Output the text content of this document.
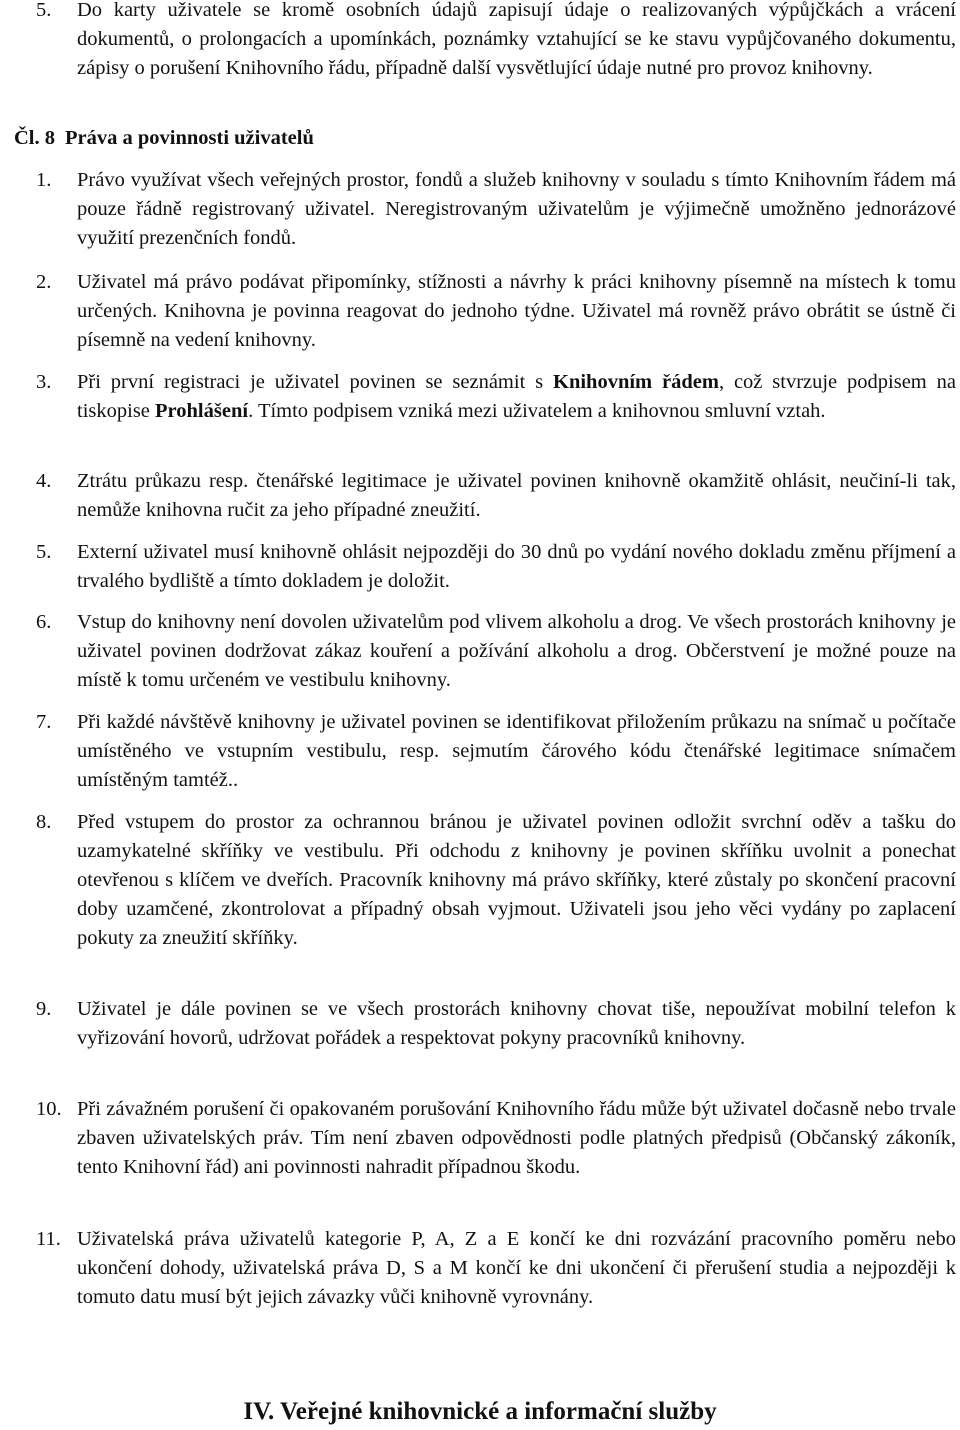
5. Do karty uživatele se kromě osobních údajů zapisují údaje o realizovaných výpůjčkách a vrácení dokumentů, o prolongacích a upomínkách, poznámky vztahující se ke stavu vypůjčovaného dokumentu, zápisy o porušení Knihovního řádu, případně další vysvětlující údaje nutné pro provoz knihovny.
Čl. 8 Práva a povinnosti uživatelů
1. Právo využívat všech veřejných prostor, fondů a služeb knihovny v souladu s tímto Knihovním řádem má pouze řádně registrovaný uživatel. Neregistrovaným uživatelům je výjimečně umožněno jednorázové využití prezenčních fondů.
2. Uživatel má právo podávat připomínky, stížnosti a návrhy k práci knihovny písemně na místech k tomu určených. Knihovna je povinna reagovat do jednoho týdne. Uživatel má rovněž právo obrátit se ústně či písemně na vedení knihovny.
3. Při první registraci je uživatel povinen se seznámit s Knihovním řádem, což stvrzuje podpisem na tiskopise Prohlášení. Tímto podpisem vzniká mezi uživatelem a knihovnou smluvní vztah.
4. Ztrátu průkazu resp. čtenářské legitimace je uživatel povinen knihovně okamžitě ohlásit, neučiní-li tak, nemůže knihovna ručit za jeho případné zneužití.
5. Externí uživatel musí knihovně ohlásit nejpozději do 30 dnů po vydání nového dokladu změnu příjmení a trvalého bydliště a tímto dokladem je doložit.
6. Vstup do knihovny není dovolen uživatelům pod vlivem alkoholu a drog. Ve všech prostorách knihovny je uživatel povinen dodržovat zákaz kouření a požívání alkoholu a drog. Občerstvení je možné pouze na místě k tomu určeném ve vestibulu knihovny.
7. Při každé návštěvě knihovny je uživatel povinen se identifikovat přiložením průkazu na snímač u počítače umístěného ve vstupním vestibulu, resp. sejmutím čárového kódu čtenářské legitimace snímačem umístěným tamtéž..
8. Před vstupem do prostor za ochrannou bránou je uživatel povinen odložit svrchní oděv a tašku do uzamykatelné skříňky ve vestibulu. Při odchodu z knihovny je povinen skříňku uvolnit a ponechat otevřenou s klíčem ve dveřích. Pracovník knihovny má právo skříňky, které zůstaly po skončení pracovní doby uzamčené, zkontrolovat a případný obsah vyjmout. Uživateli jsou jeho věci vydány po zaplacení pokuty za zneužití skříňky.
9. Uživatel je dále povinen se ve všech prostorách knihovny chovat tiše, nepoužívat mobilní telefon k vyřizování hovorů, udržovat pořádek a respektovat pokyny pracovníků knihovny.
10. Při závažném porušení či opakovaném porušování Knihovního řádu může být uživatel dočasně nebo trvale zbaven uživatelských práv. Tím není zbaven odpovědnosti podle platných předpisů (Občanský zákoník, tento Knihovní řád) ani povinnosti nahradit případnou škodu.
11. Uživatelská práva uživatelů kategorie P, A, Z a E končí ke dni rozvázání pracovního poměru nebo ukončení dohody, uživatelská práva D, S a M končí ke dni ukončení či přerušení studia a nejpozději k tomuto datu musí být jejich závazky vůči knihovně vyrovnány.
IV. Veřejné knihovnické a informační služby
